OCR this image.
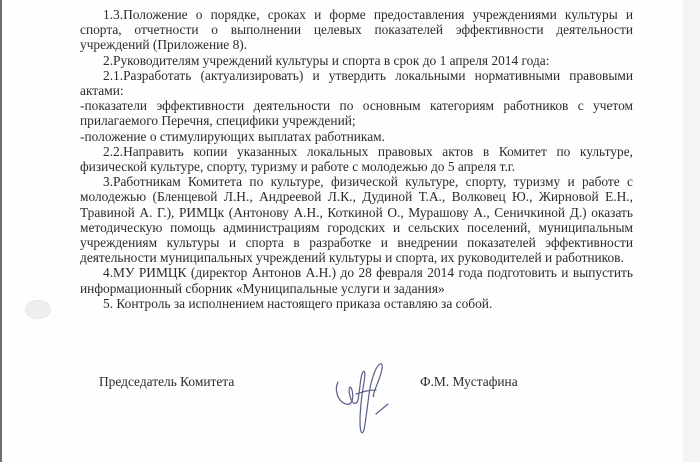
1.3.Положение о порядке, сроках и форме предоставления учреждениями культуры и спорта, отчетности о выполнении целевых показателей эффективности деятельности учреждений (Приложение 8).

2.Руководителям учреждений культуры и спорта в срок до 1 апреля 2014 года:

2.1.Разработать (актуализировать) и утвердить локальными нормативными правовыми актами:

-показатели эффективности деятельности по основным категориям работников с учетом прилагаемого Перечня, специфики учреждений;

-положение о стимулирующих выплатах работникам.

2.2.Направить копии указанных локальных правовых актов в Комитет по культуре, физической культуре, спорту, туризму и работе с молодежью до 5 апреля т.г.

3.Работникам Комитета по культуре, физической культуре, спорту, туризму и работе с молодежью (Бленцевой Л.Н., Андреевой Л.К., Дудиной Т.А., Волковец Ю., Жирновой Е.Н., Травиной А. Г.), РИМЦк (Антонову А.Н., Коткиной О., Мурашову А., Сеничкиной Д.) оказать методическую помощь администрациям городских и сельских поселений, муниципальным учреждениям культуры и спорта в разработке и внедрении показателей эффективности деятельности муниципальных учреждений культуры и спорта, их руководителей и работников.

4.МУ РИМЦК (директор Антонов А.Н.) до 28 февраля 2014 года подготовить и выпустить информационный сборник «Муниципальные услуги и задания»

5. Контроль за исполнением настоящего приказа оставляю за собой.

Председатель Комитета	Ф.М. Мустафина
